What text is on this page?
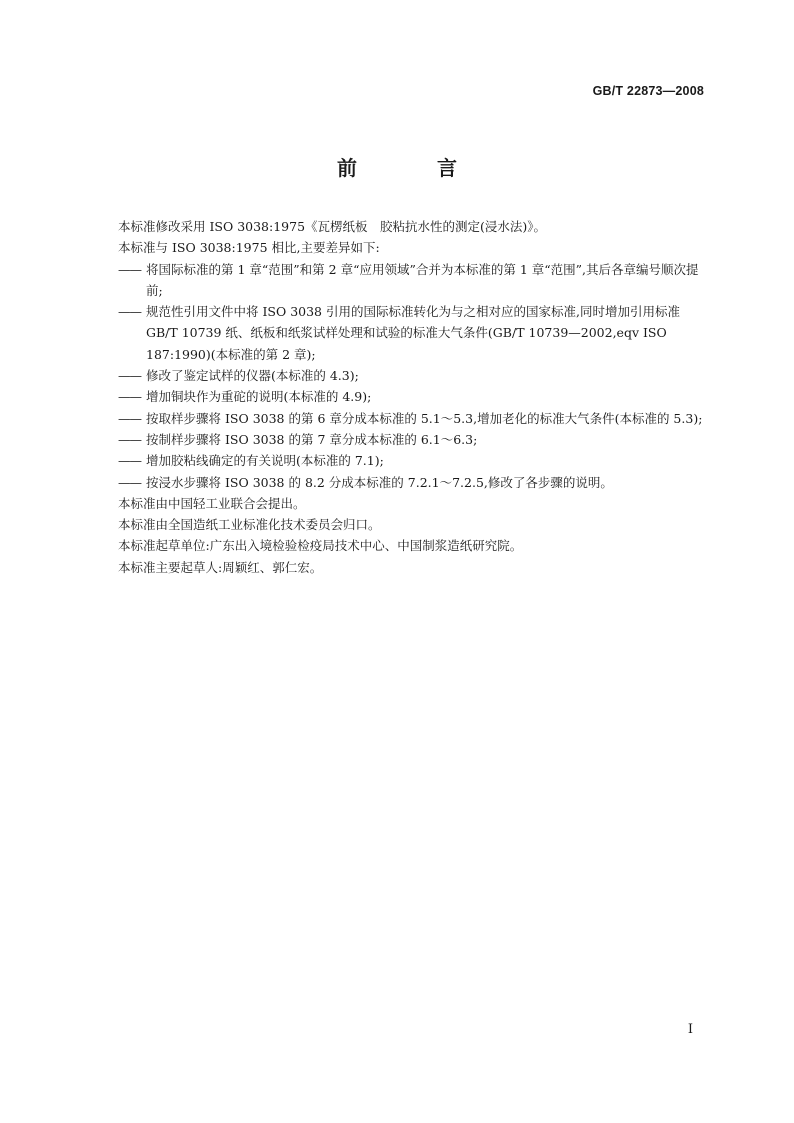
GB/T 22873—2008
前　言

本标准修改采用 ISO 3038:1975《瓦楞纸板　胶粘抗水性的测定(浸水法)》。

本标准与 ISO 3038:1975 相比,主要差异如下:

—— 将国际标准的第 1 章“范围”和第 2 章“应用领域”合并为本标准的第 1 章“范围”,其后各章编号顺次提前;
—— 规范性引用文件中将 ISO 3038 引用的国际标准转化为与之相对应的国家标准,同时增加引用标准 GB/T 10739 纸、纸板和纸浆试样处理和试验的标准大气条件(GB/T 10739—2002,eqv ISO 187:1990)(本标准的第 2 章);
—— 修改了鉴定试样的仪器(本标准的 4.3);
—— 增加铜块作为重砣的说明(本标准的 4.9);
—— 按取样步骤将 ISO 3038 的第 6 章分成本标准的 5.1～5.3,增加老化的标准大气条件(本标准的 5.3);
—— 按制样步骤将 ISO 3038 的第 7 章分成本标准的 6.1～6.3;
—— 增加胶粘线确定的有关说明(本标准的 7.1);
—— 按浸水步骤将 ISO 3038 的 8.2 分成本标准的 7.2.1～7.2.5,修改了各步骤的说明。

本标准由中国轻工业联合会提出。

本标准由全国造纸工业标准化技术委员会归口。

本标准起草单位:广东出入境检验检疫局技术中心、中国制浆造纸研究院。

本标准主要起草人:周颖红、郭仁宏。

I
